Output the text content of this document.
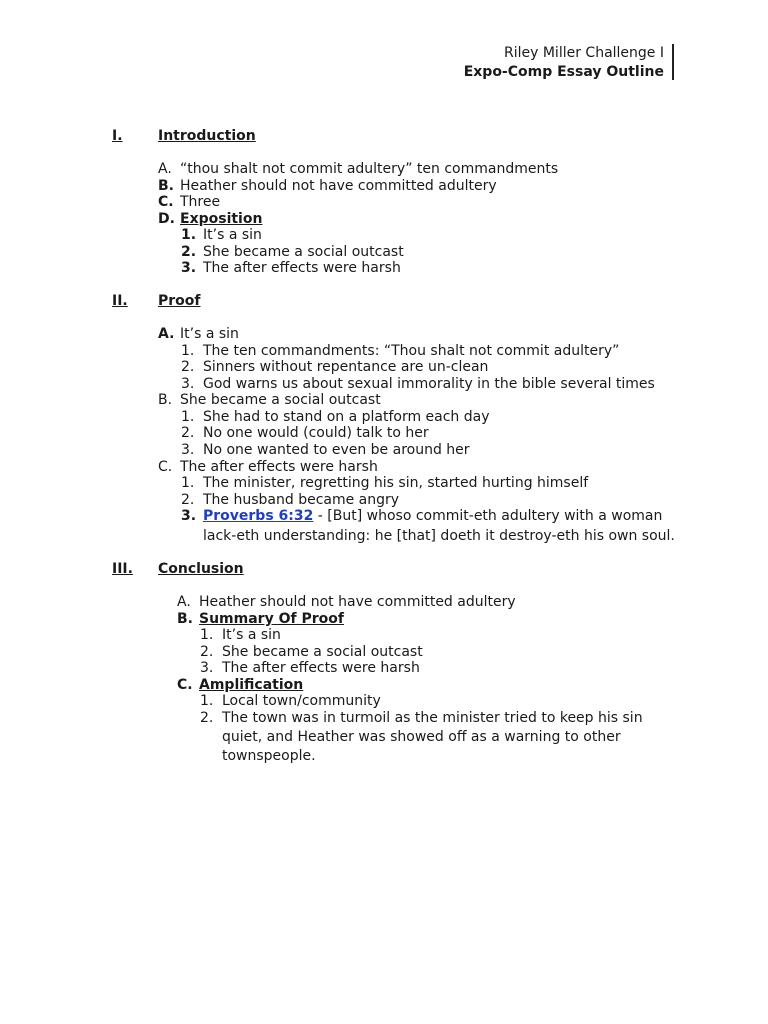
Riley Miller Challenge I
Expo-Comp Essay Outline
I.	Introduction
A. “thou shalt not commit adultery” ten commandments
B. Heather should not have committed adultery
C. Three
D. Exposition
1. It’s a sin
2. She became a social outcast
3. The after effects were harsh
II. Proof
A. It’s a sin
1. The ten commandments: “Thou shalt not commit adultery”
2. Sinners without repentance are un-clean
3. God warns us about sexual immorality in the bible several times
B. She became a social outcast
1. She had to stand on a platform each day
2. No one would (could) talk to her
3. No one wanted to even be around her
C. The after effects were harsh
1. The minister, regretting his sin, started hurting himself
2. The husband became angry
3. Proverbs 6:32 - [But] whoso commit-eth adultery with a woman
lack-eth understanding: he [that] doeth it destroy-eth his own soul.
III. Conclusion
A. Heather should not have committed adultery
B. Summary Of Proof
1. It’s a sin
2. She became a social outcast
3. The after effects were harsh
C. Amplification
1. Local town/community
2. The town was in turmoil as the minister tried to keep his sin
quiet, and Heather was showed off as a warning to other
townspeople.
